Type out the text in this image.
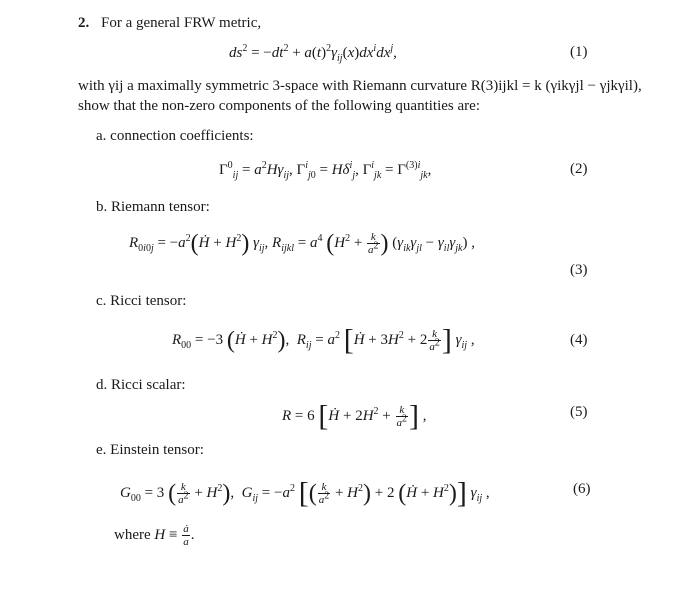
2. For a general FRW metric,
$ds^2 = -dt^2 + a(t)^2\gamma_{ij}(x)dx^idx^j$,	(1)
with γij a maximally symmetric 3-space with Riemann curvature R(3)ijkl = k (γikγjl − γjkγil),
show that the non-zero components of the following quantities are:
a. connection coefficients:
$\Gamma^0_{ij} = a^2H\gamma_{ij}$, $\Gamma^i_{j0} = H\delta^i_j$, $\Gamma^i_{jk} = \Gamma^{(3)i}_{jk}$,	(2)
b. Riemann tensor:
$R_{0i0j}$ = $-a^2(Ḣ + H^2)$ $\gamma_{ij}$, $R_{ijkl} = a^4$ ($H^2 + \frac{k}{a^2}$ ) $(\gamma_{ik}\gamma_{jl} - \gamma_{il}\gamma_{jk})$ ,
(3)
c. Ricci tensor:
$R_{00} = -3$ (Ḣ + $H^2$),  $R_{ij} = a^2$ [Ḣ + $3H^2 + 2 \frac{k}{a^2}$ ] $\gamma_{ij}$ ,	(4)
d. Ricci scalar:
R = 6 [Ḣ + $2H^2 + \frac{k}{a^2}$ ] ,	(5)
e. Einstein tensor:
$G_{00} = 3$ ( $\frac{k}{a^2} + H^2$),  $G_{ij} = -a^2$ [( $\frac{k}{a^2} + H^2) + 2$ (Ḣ + $H^2$)] $\gamma_{ij}$ ,	(6)
where $H \equiv \frac{ȧ}{a}$ .
